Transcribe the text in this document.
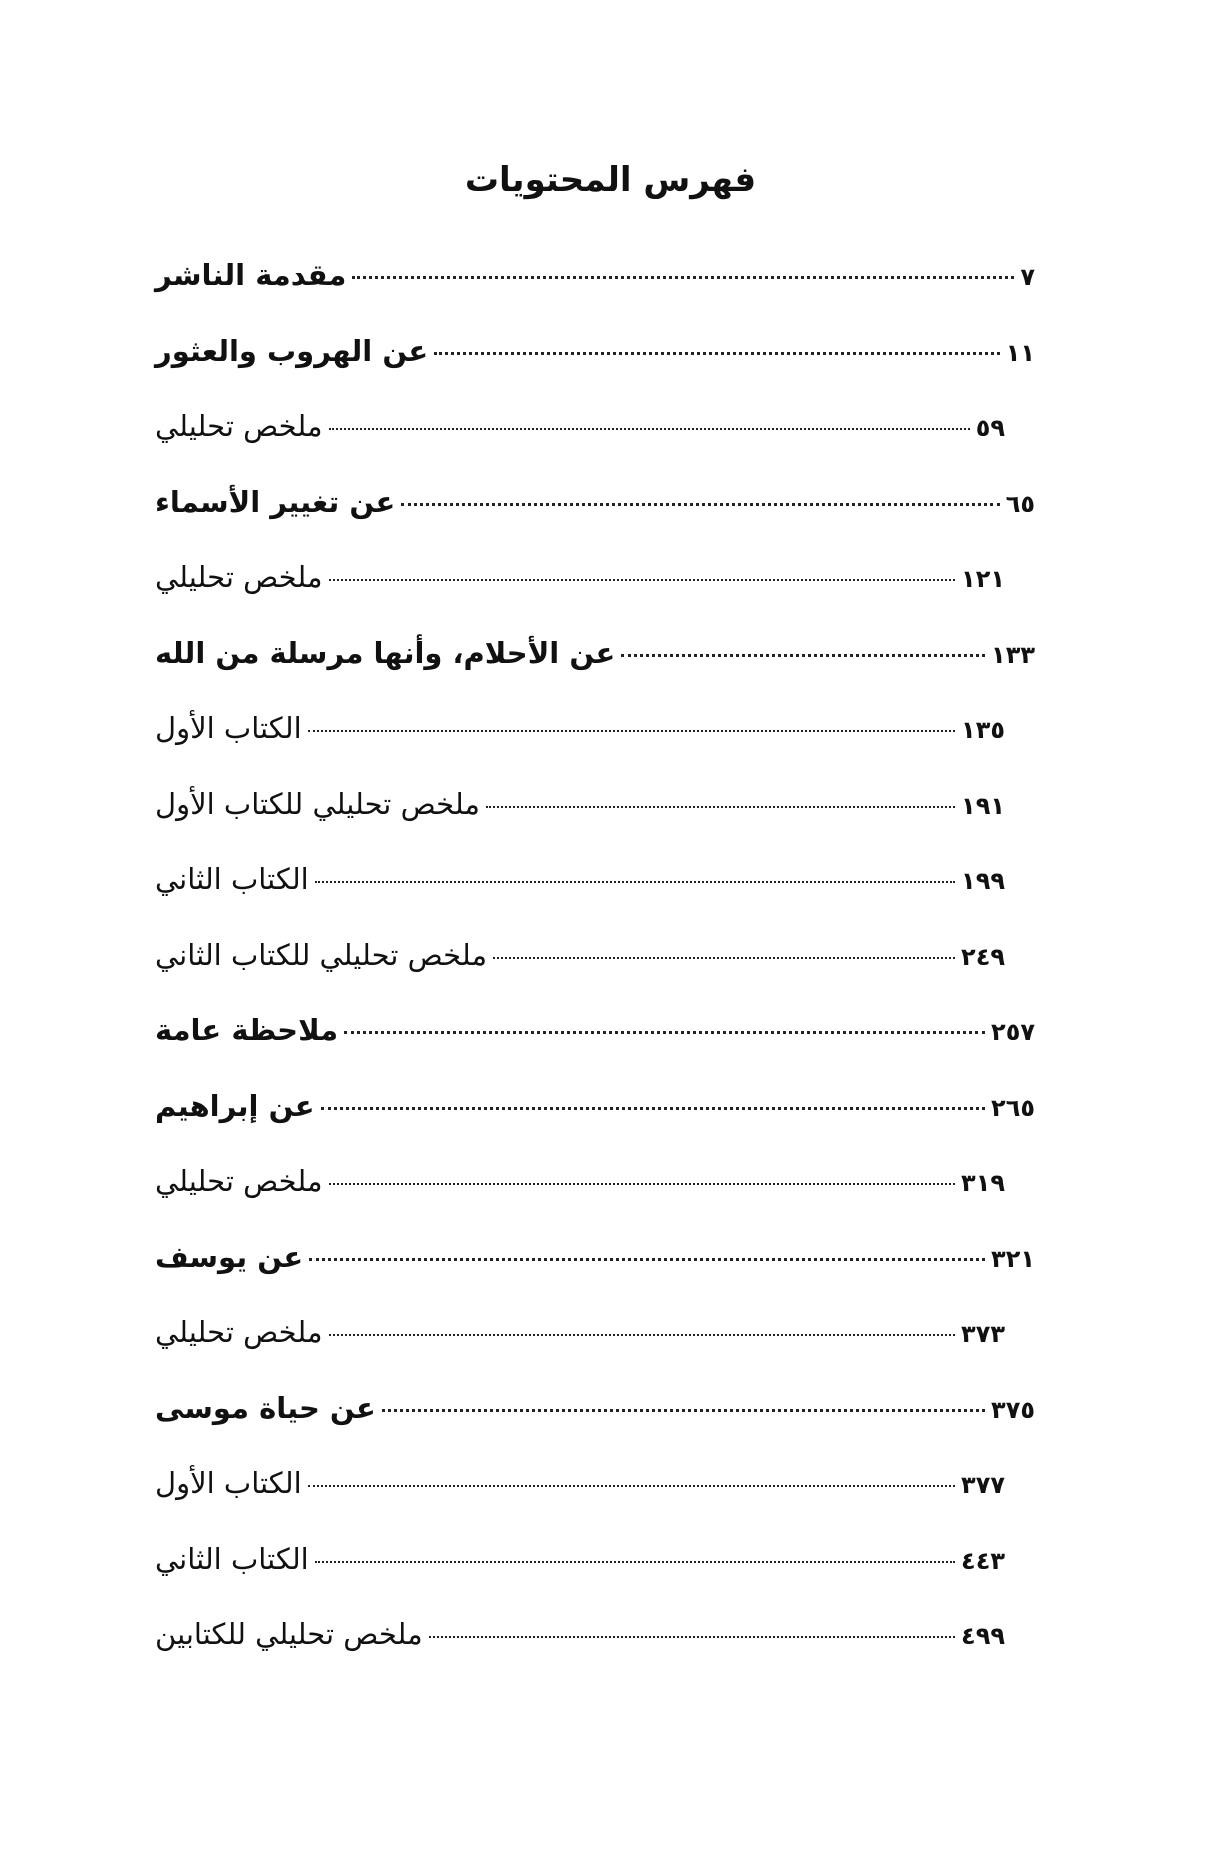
فهرس المحتويات
مقدمة الناشر	٧
عن الهروب والعثور	١١
ملخص تحليلي	٥٩
عن تغيير الأسماء	٦٥
ملخص تحليلي	١٢١
عن الأحلام، وأنها مرسلة من الله	١٣٣
الكتاب الأول	١٣٥
ملخص تحليلي للكتاب الأول	١٩١
الكتاب الثاني	١٩٩
ملخص تحليلي للكتاب الثاني	٢٤٩
ملاحظة عامة	٢٥٧
عن إبراهيم	٢٦٥
ملخص تحليلي	٣١٩
عن يوسف	٣٢١
ملخص تحليلي	٣٧٣
عن حياة موسى	٣٧٥
الكتاب الأول	٣٧٧
الكتاب الثاني	٤٤٣
ملخص تحليلي للكتابين	٤٩٩
